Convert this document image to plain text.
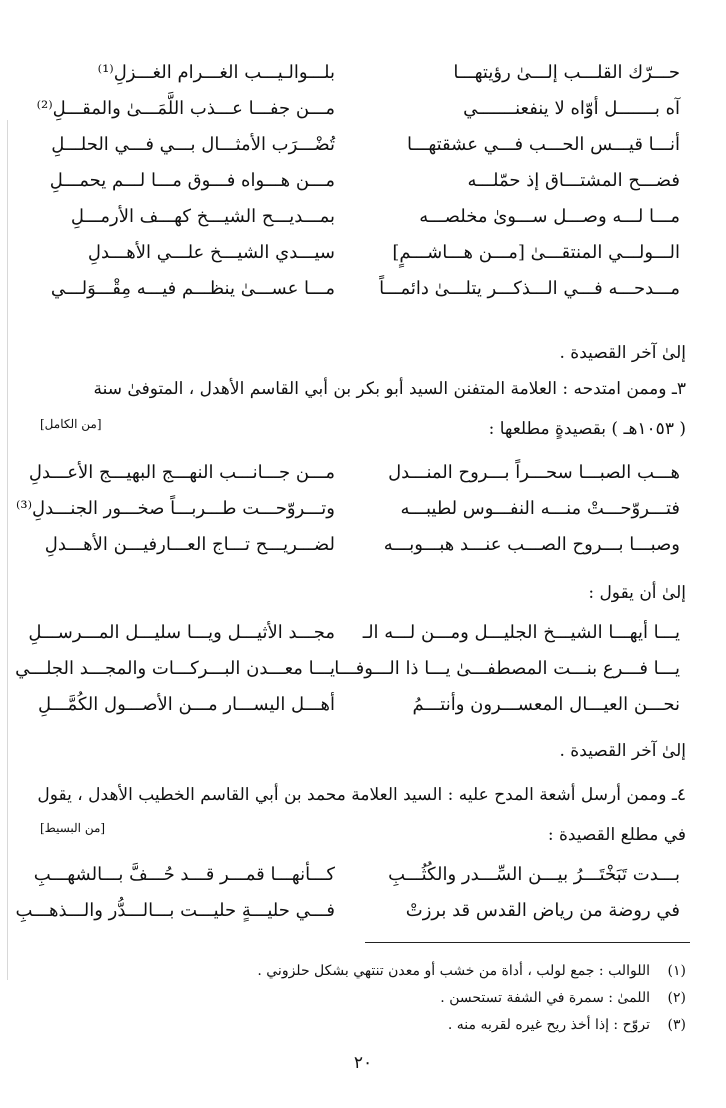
حـــرّك القلـــب إلـــىٰ رؤيتهـــا
بلـــوالـيـــب الغـــرام الغـــزلِ⁽¹⁾
آه بـــــــل أوّاه لا ينفعنـــــــي
مـــن جفـــا عـــذب اللَّمَـــىٰ والمقـــلِ⁽²⁾
أنـــا قيـــس الحـــب فـــي عشقتهـــا
تُضْـــرَب الأمثـــال بـــي فـــي الحلـــلِ
فضـــح المشتـــاق إذ حمّلـــه
مـــن هـــواه فـــوق مـــا لـــم يحمـــلِ
مـــا لـــه وصـــل ســـوىٰ مخلصـــه
بمـــديـــح الشيـــخ كهـــف الأرمـــلِ
الـــولـــي المنتقـــىٰ [مـــن هـــاشـــمٍ]
سيـــدي الشيـــخ علـــي الأهـــدلِ
مـــدحـــه فـــي الـــذكـــر يتلـــىٰ دائمـــاً
مـــا عســـىٰ ينظـــم فيـــه مِقْـــوَلـــي
إلىٰ آخر القصيدة .
٣ـ وممن امتدحه : العلامة المتفنن السيد أبو بكر بن أبي القاسم الأهدل ، المتوفىٰ سنة
[من الكامل]	( ١٠٥٣هـ ) بقصيدةٍ مطلعها :
هـــب الصبـــا سحـــراً بـــروح المنـــدل
مـــن جـــانـــب النهـــج البهيـــج الأعـــدلِ
فتـــروّحـــتْ منـــه النفـــوس لطيبـــه
وتـــروّحـــت طـــربـــاً صخـــور الجنـــدلِ⁽³⁾
وصبـــا بـــروح الصـــب عنـــد هبـــوبـــه
لضـــريـــح تـــاج العـــارفيـــن الأهـــدلِ
إلىٰ أن يقول :
يـــا أيهـــا الشيـــخ الجليـــل ومـــن لـــه الـ
مجـــد الأثيـــل ويـــا سليـــل المـــرســـلِ
يـــا فـــرع بنـــت المصطفـــىٰ يـــا ذا الـــوفـــا
يـــا معـــدن البـــركـــات والمجـــد الجلـــي
نحـــن العيـــال المعســـرون وأنتـــمُ
أهـــل اليســـار مـــن الأصـــول الكُمَّـــلِ
إلىٰ آخر القصيدة .
٤ـ وممن أرسل أشعة المدح عليه : السيد العلامة محمد بن أبي القاسم الخطيب الأهدل ، يقول
[من البسيط]	في مطلع القصيدة :
بـــدت تَبَخْتَـــرُ بيـــن السِّـــدر والكُثُـــبِ
كـــأنهـــا قمـــر قـــد حُـــفَّ بـــالشهـــبِ
في روضة من رياض القدس قد برزتْ
فـــي حليـــةٍ حليـــت بـــالـــدُّر والـــذهـــبِ
(١)اللوالب : جمع لولب ، أداة من خشب أو معدن تنتهي بشكل حلزوني .
(٢)اللمىٰ : سمرة في الشفة تستحسن .
(٣)تروّح : إذا أخذ ريح غيره لقربه منه .
٢٠
